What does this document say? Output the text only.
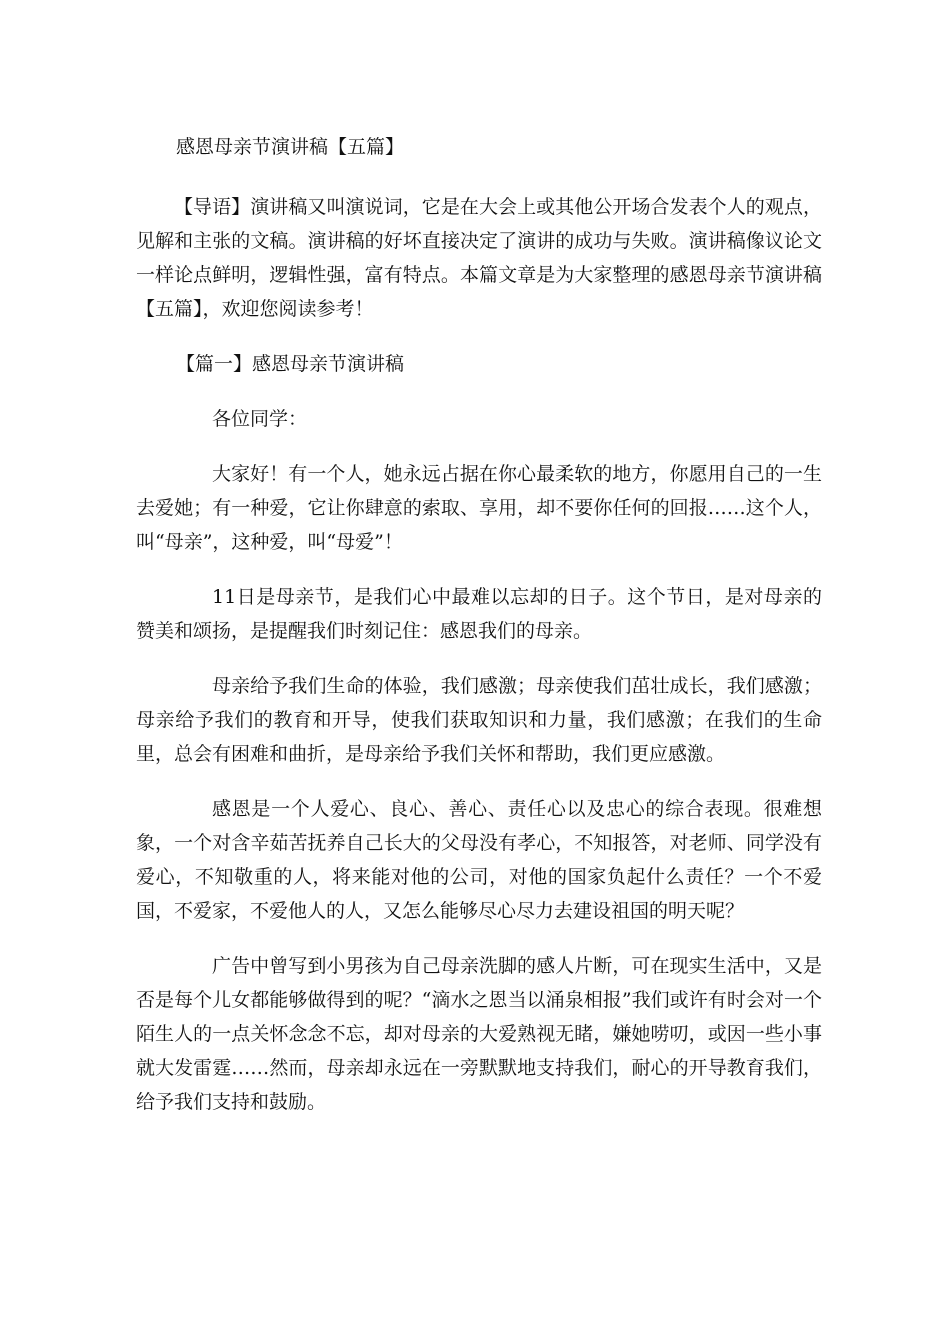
感恩母亲节演讲稿【五篇】

【导语】演讲稿又叫演说词，它是在大会上或其他公开场合发表个人的观点，见解和主张的文稿。演讲稿的好坏直接决定了演讲的成功与失败。演讲稿像议论文一样论点鲜明，逻辑性强，富有特点。本篇文章是为大家整理的感恩母亲节演讲稿【五篇】，欢迎您阅读参考！

【篇一】感恩母亲节演讲稿

各位同学：

大家好！有一个人，她永远占据在你心最柔软的地方，你愿用自己的一生去爱她；有一种爱，它让你肆意的索取、享用，却不要你任何的回报……这个人，叫“母亲”，这种爱，叫“母爱”！

11日是母亲节，是我们心中最难以忘却的日子。这个节日，是对母亲的赞美和颂扬，是提醒我们时刻记住：感恩我们的母亲。

母亲给予我们生命的体验，我们感激；母亲使我们茁壮成长，我们感激；母亲给予我们的教育和开导，使我们获取知识和力量，我们感激；在我们的生命里，总会有困难和曲折，是母亲给予我们关怀和帮助，我们更应感激。

感恩是一个人爱心、良心、善心、责任心以及忠心的综合表现。很难想象，一个对含辛茹苦抚养自己长大的父母没有孝心，不知报答，对老师、同学没有爱心，不知敬重的人，将来能对他的公司，对他的国家负起什么责任？一个不爱国，不爱家，不爱他人的人，又怎么能够尽心尽力去建设祖国的明天呢？

广告中曾写到小男孩为自己母亲洗脚的感人片断，可在现实生活中，又是否是每个儿女都能够做得到的呢？“滴水之恩当以涌泉相报”我们或许有时会对一个陌生人的一点关怀念念不忘，却对母亲的大爱熟视无睹，嫌她唠叨，或因一些小事就大发雷霆……然而，母亲却永远在一旁默默地支持我们，耐心的开导教育我们，给予我们支持和鼓励。
